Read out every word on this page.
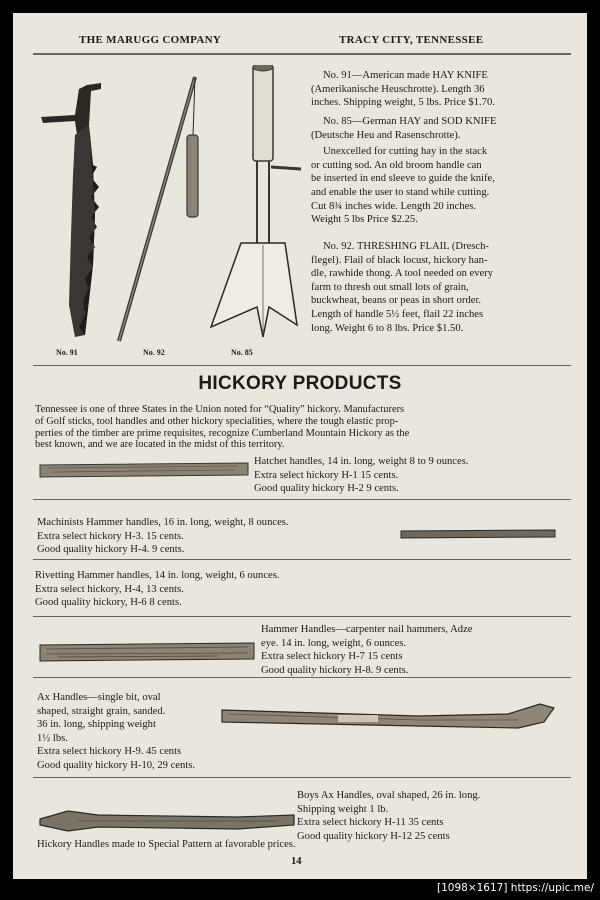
THE MARUGG COMPANY	TRACY CITY, TENNESSEE
No. 91	No. 92	No. 85
No. 91—American made HAY KNIFE
(Amerikanische Heuschrotte). Length 36
inches. Shipping weight, 5 lbs. Price $1.70.
No. 85—German HAY and SOD KNIFE
(Deutsche Heu and Rasenschrotte).
Unexcelled for cutting hay in the stack
or cutting sod. An old broom handle can
be inserted in end sleeve to guide the knife,
and enable the user to stand while cutting.
Cut 8¾ inches wide. Length 20 inches.
Weight 5 lbs Price $2.25.
No. 92. THRESHING FLAIL (Dresch-
flegel). Flail of black locust, hickory han-
dle, rawhide thong. A tool needed on every
farm to thresh out small lots of grain,
buckwheat, beans or peas in short order.
Length of handle 5½ feet, flail 22 inches
long. Weight 6 to 8 lbs. Price $1.50.
HICKORY PRODUCTS
Tennessee is one of three States in the Union noted for “Quality” hickory. Manufacturers
of Golf sticks, tool handles and other hickory specialities, where the tough elastic prop-
perties of the timber are prime requisites, recognize Cumberland Mountain Hickory as the
best known, and we are located in the midst of this territory.
Hatchet handles, 14 in. long, weight 8 to 9 ounces.
Extra select hickory H-1 15 cents.
Good quality hickory H-2 9 cents.
Machinists Hammer handles, 16 in. long, weight, 8 ounces.
Extra select hickory H-3. 15 cents.
Good quality hickory H-4. 9 cents.
Rivetting Hammer handles, 14 in. long, weight, 6 ounces.
Extra select hickory, H-4, 13 cents.
Good quality hickory, H-6 8 cents.
Hammer Handles—carpenter nail hammers, Adze
eye. 14 in. long, weight, 6 ounces.
Extra select hickory H-7 15 cents
Good quality hickory H-8. 9 cents.
Ax Handles—single bit, oval
shaped, straight grain, sanded.
36 in. long, shipping weight
1½ lbs.
Extra select hickory H-9. 45 cents
Good quality hickory H-10, 29 cents.
Boys Ax Handles, oval shaped, 26 in. long.
Shipping weight 1 lb.
Extra select hickory H-11 35 cents
Good quality hickory H-12 25 cents
Hickory Handles made to Special Pattern at favorable prices.
14
[1098×1617] https://upic.me/
